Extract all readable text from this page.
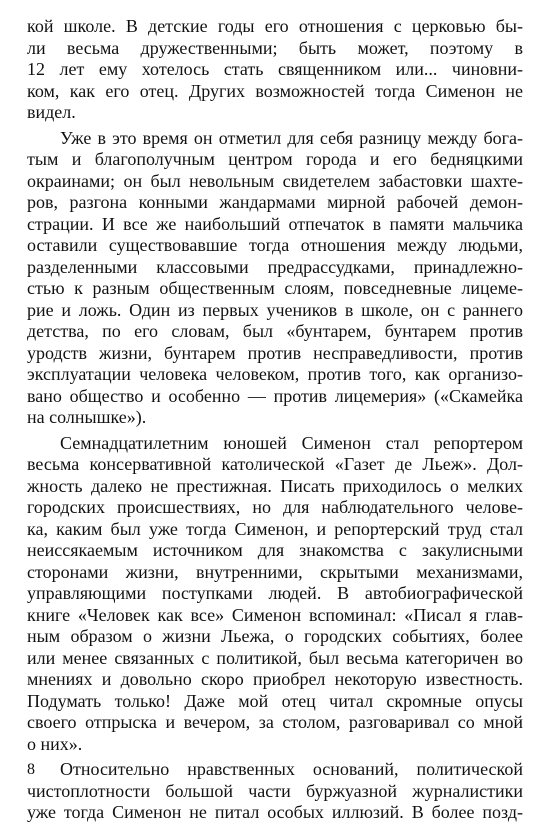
кой школе. В детские годы его отношения с церковью бы-
ли весьма дружественными; быть может, поэтому в
12 лет ему хотелось стать священником или... чиновни-
ком, как его отец. Других возможностей тогда Сименон не
видел.
Уже в это время он отметил для себя разницу между бога-
тым и благополучным центром города и его бедняцкими
окраинами; он был невольным свидетелем забастовки шахте-
ров, разгона конными жандармами мирной рабочей демон-
страции. И все же наибольший отпечаток в памяти мальчика
оставили существовавшие тогда отношения между людьми,
разделенными классовыми предрассудками, принадлежно-
стью к разным общественным слоям, повседневные лицеме-
рие и ложь. Один из первых учеников в школе, он с раннего
детства, по его словам, был «бунтарем, бунтарем против
уродств жизни, бунтарем против несправедливости, против
эксплуатации человека человеком, против того, как организо-
вано общество и особенно — против лицемерия» («Скамейка
на солнышке»).
Семнадцатилетним юношей Сименон стал репортером
весьма консервативной католической «Газет де Льеж». Дол-
жность далеко не престижная. Писать приходилось о мелких
городских происшествиях, но для наблюдательного челове-
ка, каким был уже тогда Сименон, и репортерский труд стал
неиссякаемым источником для знакомства с закулисными
сторонами жизни, внутренними, скрытыми механизмами,
управляющими поступками людей. В автобиографической
книге «Человек как все» Сименон вспоминал: «Писал я глав-
ным образом о жизни Льежа, о городских событиях, более
или менее связанных с политикой, был весьма категоричен во
мнениях и довольно скоро приобрел некоторую известность.
Подумать только! Даже мой отец читал скромные опусы
своего отпрыска и вечером, за столом, разговаривал со мной
о них».
Относительно нравственных оснований, политической
чистоплотности большой части буржуазной журналистики
уже тогда Сименон не питал особых иллюзий. В более позд-
8
